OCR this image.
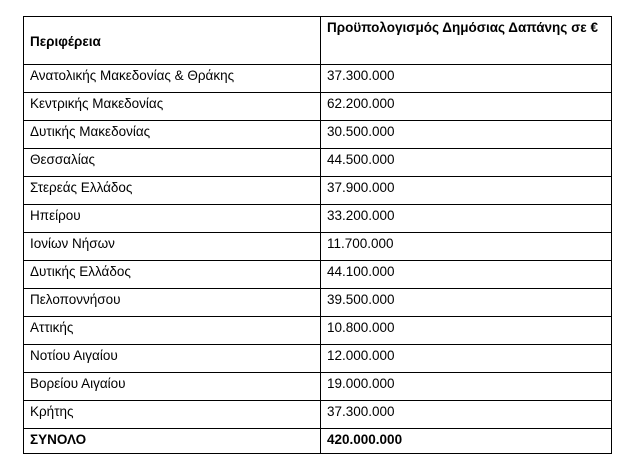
Περιφέρεια	Προϋπολογισμός Δημόσιας Δαπάνης σε €
Ανατολικής Μακεδονίας & Θράκης	37.300.000
Κεντρικής Μακεδονίας	62.200.000
Δυτικής Μακεδονίας	30.500.000
Θεσσαλίας	44.500.000
Στερεάς Ελλάδος	37.900.000
Ηπείρου	33.200.000
Ιονίων Νήσων	11.700.000
Δυτικής Ελλάδος	44.100.000
Πελοποννήσου	39.500.000
Αττικής	10.800.000
Νοτίου Αιγαίου	12.000.000
Βορείου Αιγαίου	19.000.000
Κρήτης	37.300.000
ΣΥΝΟΛΟ	420.000.000
